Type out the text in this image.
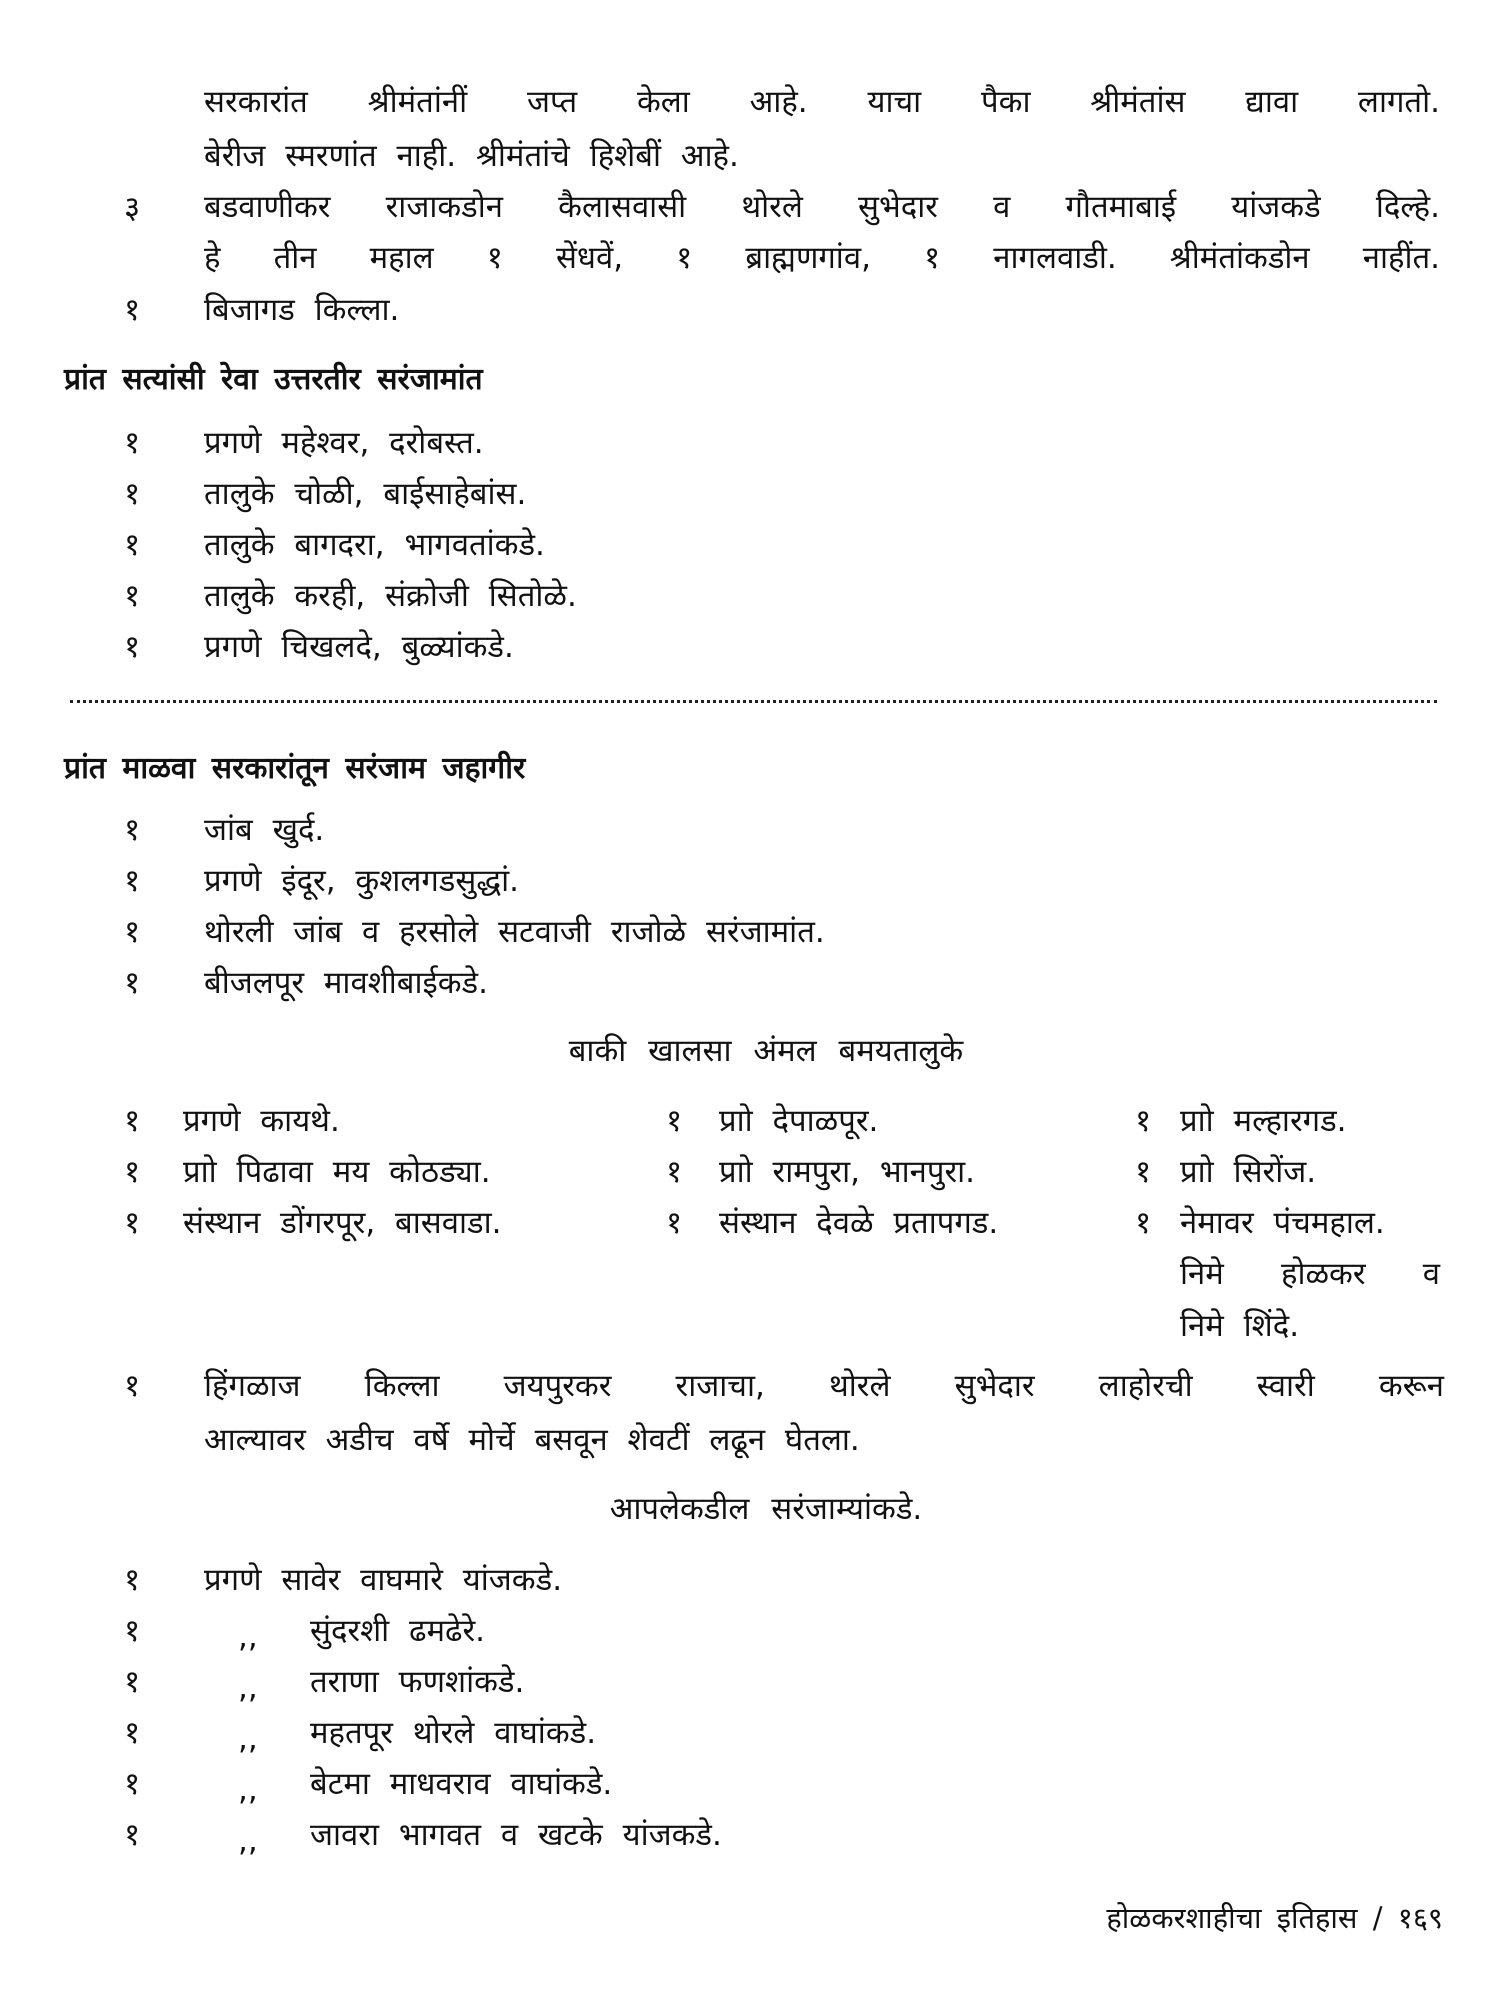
सरकारांत श्रीमंतांनीं जप्त केला आहे. याचा पैका श्रीमंतांस द्यावा लागतो.
बेरीज स्मरणांत नाही. श्रीमंतांचे हिशेबीं आहे.
३ बडवाणीकर राजाकडोन कैलासवासी थोरले सुभेदार व गौतमाबाई यांजकडे दिल्हे.
हे तीन महाल १ सेंधवें, १ ब्राह्मणगांव, १ नागलवाडी. श्रीमंतांकडोन नाहींत.
१ बिजागड किल्ला.
प्रांत सत्यांसी रेवा उत्तरतीर सरंजामांत
१ प्रगणे महेश्वर, दरोबस्त.
१ तालुके चोळी, बाईसाहेबांस.
१ तालुके बागदरा, भागवतांकडे.
१ तालुके करही, संक्रोजी सितोळे.
१ प्रगणे चिखलदे, बुळ्यांकडे.
प्रांत माळवा सरकारांतून सरंजाम जहागीर
१ जांब खुर्द.
१ प्रगणे इंदूर, कुशलगडसुद्धां.
१ थोरली जांब व हरसोले सटवाजी राजोळे सरंजामांत.
१ बीजलपूर मावशीबाईकडे.
बाकी खालसा अंमल बमयतालुके
१ प्रगणे कायथे.	१ प्राो देपाळपूर.	१ प्राो मल्हारगड.
१ प्राो पिढावा मय कोठड्या.	१ प्राो रामपुरा, भानपुरा.	१ प्राो सिरोंज.
१ संस्थान डोंगरपूर, बासवाडा.	१ संस्थान देवळे प्रतापगड.	१ नेमावर पंचमहाल.
निमे होळकर व
निमे शिंदे.
१ हिंगळाज किल्ला जयपुरकर राजाचा, थोरले सुभेदार लाहोरची स्वारी करून
आल्यावर अडीच वर्षे मोर्चे बसवून शेवटीं लढून घेतला.
आपलेकडील सरंजाम्यांकडे.
१ प्रगणे सावेर वाघमारे यांजकडे.
१	,, सुंदरशी ढमढेरे.
१	,, तराणा फणशांकडे.
१	,, महतपूर थोरले वाघांकडे.
१	,, बेटमा माधवराव वाघांकडे.
१	,, जावरा भागवत व खटके यांजकडे.
होळकरशाहीचा इतिहास / १६९
